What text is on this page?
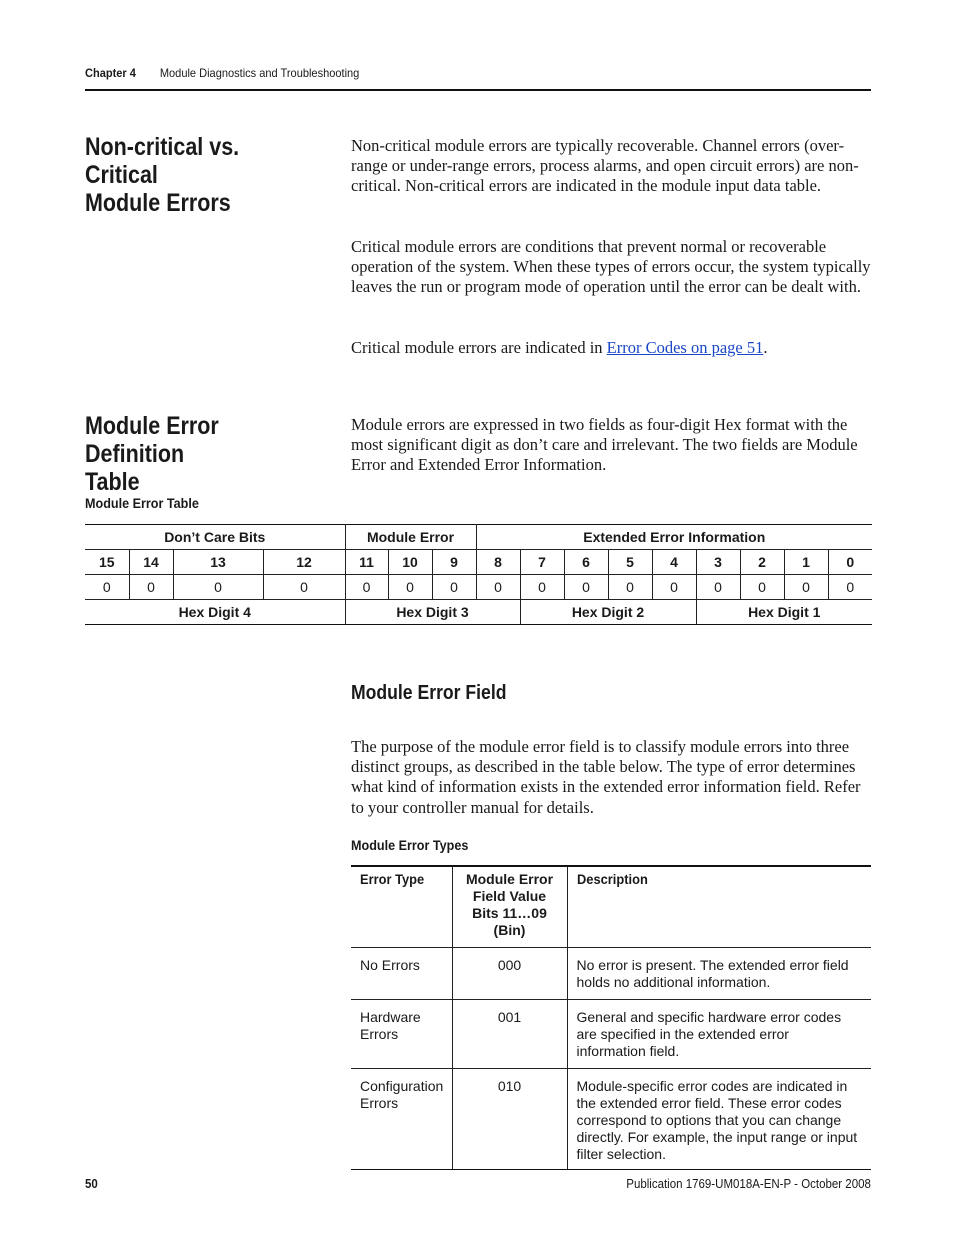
Chapter 4 Module Diagnostics and Troubleshooting
Non-critical vs. Critical
Module Errors
Non-critical module errors are typically recoverable. Channel errors (over-range or under-range errors, process alarms, and open circuit errors) are non-critical. Non-critical errors are indicated in the module input data table.
Critical module errors are conditions that prevent normal or recoverable operation of the system. When these types of errors occur, the system typically leaves the run or program mode of operation until the error can be dealt with.
Critical module errors are indicated in Error Codes on page 51.
Module Error Definition
Table
Module errors are expressed in two fields as four-digit Hex format with the most significant digit as don’t care and irrelevant. The two fields are Module Error and Extended Error Information.
Module Error Table
Don’t Care Bits				Module Error			Extended Error Information								
15	14	13	12	11	10	9	8	7	6	5	4	3	2	1	0
0	0	0	0	0	0	0	0	0	0	0	0	0	0	0	0
Hex Digit 4				Hex Digit 3				Hex Digit 2				Hex Digit 1			
Module Error Field
The purpose of the module error field is to classify module errors into three distinct groups, as described in the table below. The type of error determines what kind of information exists in the extended error information field. Refer to your controller manual for details.
Module Error Types
Error Type	Module Error
Field Value
Bits 11…09
(Bin)	Description
No Errors	000	No error is present. The extended error field holds no additional information.
Hardware Errors	001	General and specific hardware error codes are specified in the extended error information field.
Configuration Errors	010	Module-specific error codes are indicated in the extended error field. These error codes correspond to options that you can change directly. For example, the input range or input filter selection.
50	Publication 1769-UM018A-EN-P - October 2008
